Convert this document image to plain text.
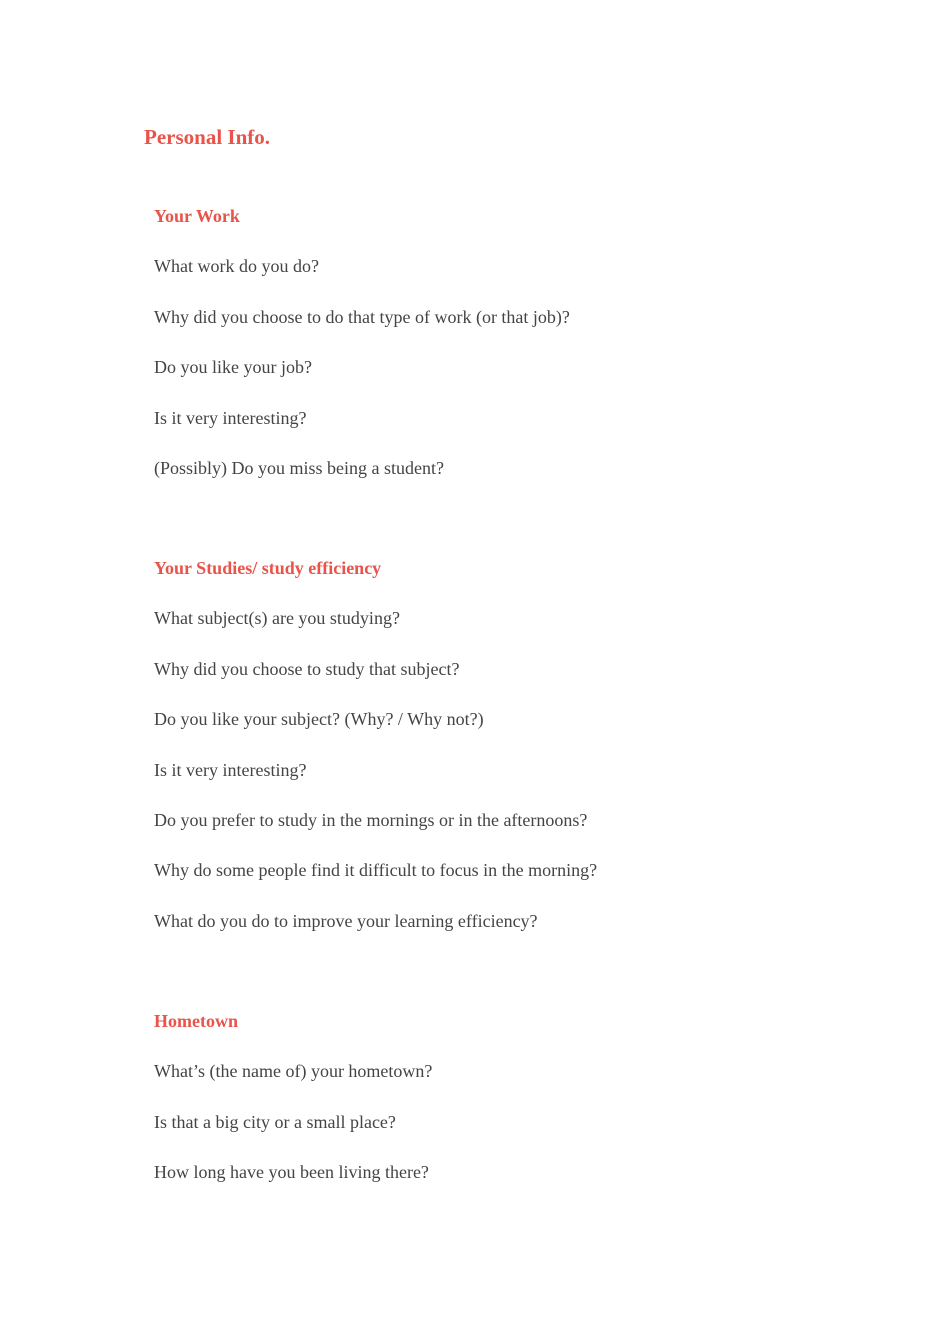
Personal Info.
Your Work

What work do you do?

Why did you choose to do that type of work (or that job)?

Do you like your job?

Is it very interesting?

(Possibly) Do you miss being a student?

Your Studies/ study efficiency

What subject(s) are you studying?

Why did you choose to study that subject?

Do you like your subject? (Why? / Why not?)

Is it very interesting?

Do you prefer to study in the mornings or in the afternoons?

Why do some people find it difficult to focus in the morning?

What do you do to improve your learning efficiency?

Hometown

What’s (the name of) your hometown?

Is that a big city or a small place?

How long have you been living there?
